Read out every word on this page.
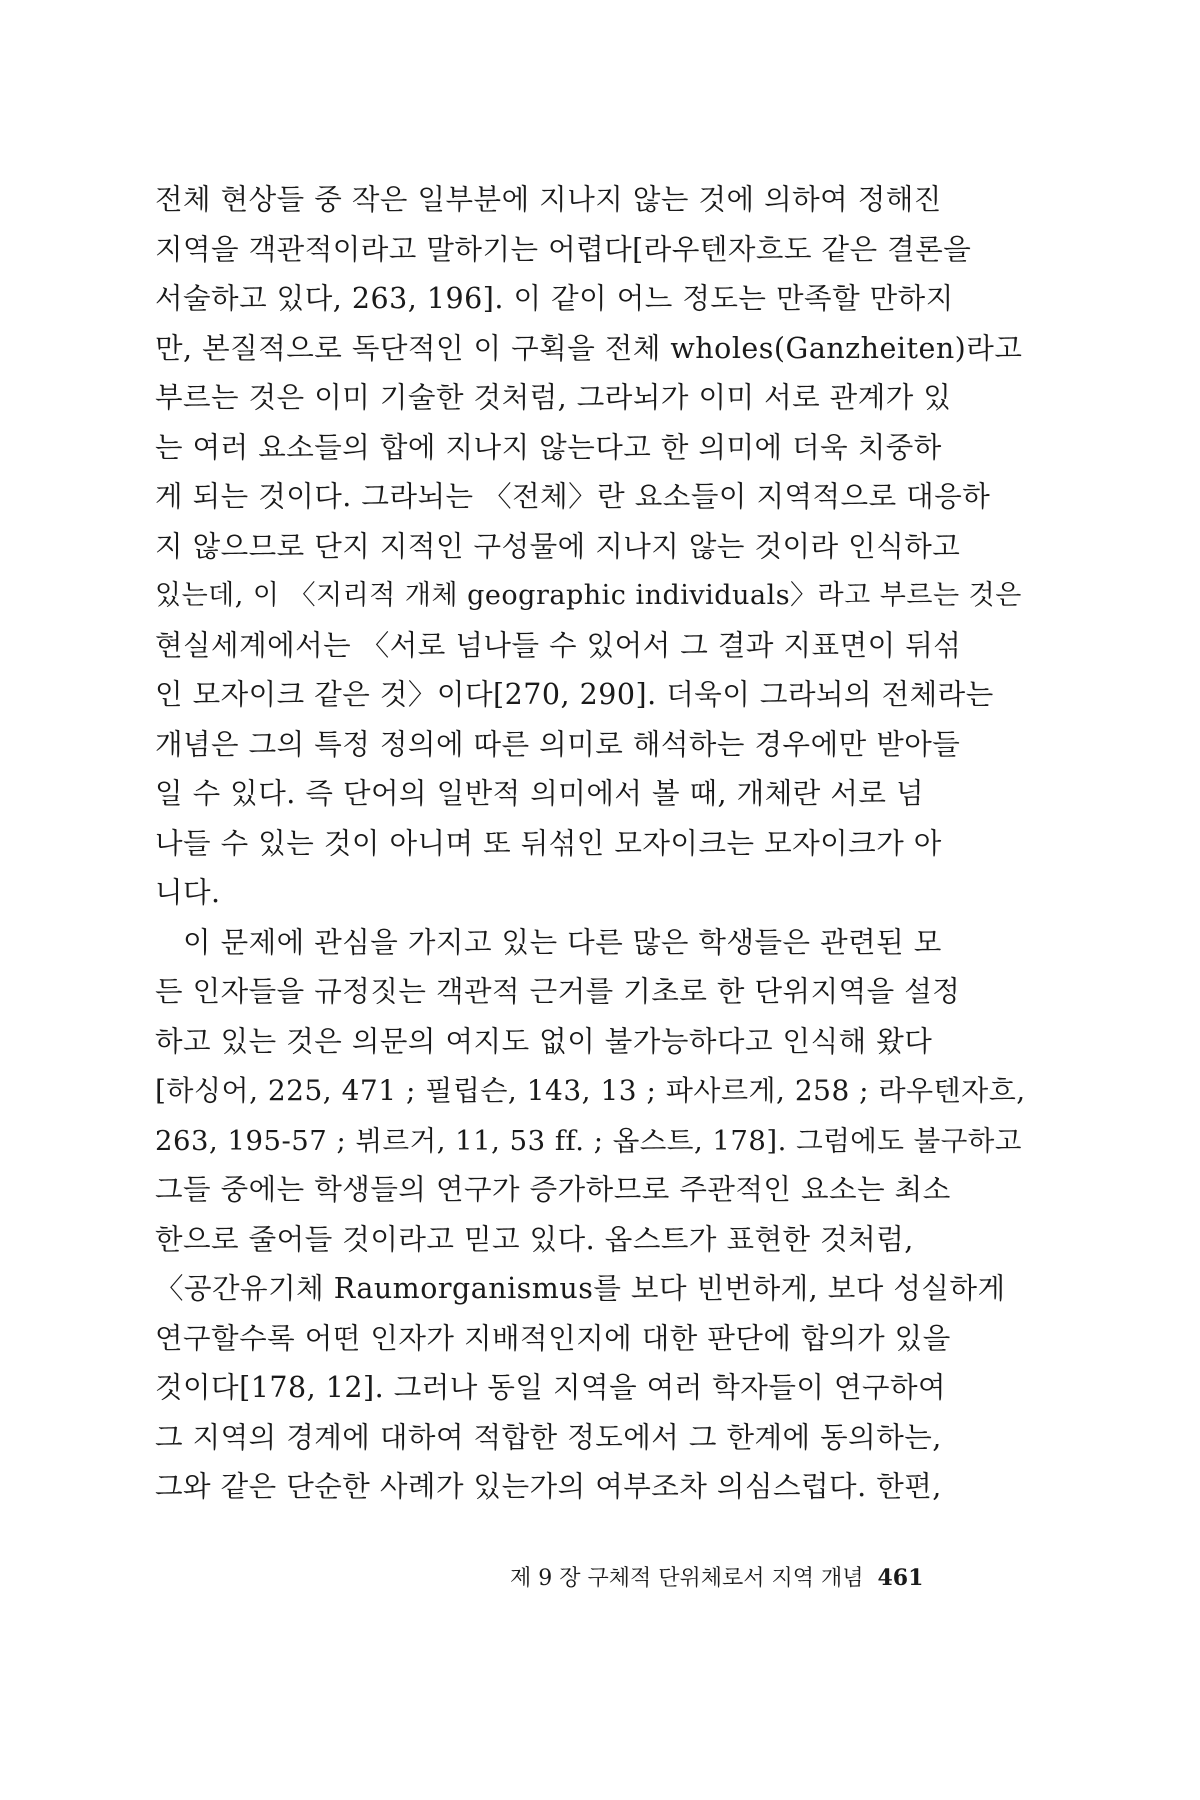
전체 현상들 중 작은 일부분에 지나지 않는 것에 의하여 정해진
지역을 객관적이라고 말하기는 어렵다[라우텐자흐도 같은 결론을
서술하고 있다, 263, 196]. 이 같이 어느 정도는 만족할 만하지
만, 본질적으로 독단적인 이 구획을 전체 wholes(Ganzheiten)라고
부르는 것은 이미 기술한 것처럼, 그라뇌가 이미 서로 관계가 있
는 여러 요소들의 합에 지나지 않는다고 한 의미에 더욱 치중하
게 되는 것이다. 그라뇌는 〈전체〉란 요소들이 지역적으로 대응하
지 않으므로 단지 지적인 구성물에 지나지 않는 것이라 인식하고
있는데, 이 〈지리적 개체 geographic individuals〉라고 부르는 것은
현실세계에서는 〈서로 넘나들 수 있어서 그 결과 지표면이 뒤섞
인 모자이크 같은 것〉이다[270, 290]. 더욱이 그라뇌의 전체라는
개념은 그의 특정 정의에 따른 의미로 해석하는 경우에만 받아들
일 수 있다. 즉 단어의 일반적 의미에서 볼 때, 개체란 서로 넘
나들 수 있는 것이 아니며 또 뒤섞인 모자이크는 모자이크가 아
니다.
이 문제에 관심을 가지고 있는 다른 많은 학생들은 관련된 모
든 인자들을 규정짓는 객관적 근거를 기초로 한 단위지역을 설정
하고 있는 것은 의문의 여지도 없이 불가능하다고 인식해 왔다
[하싱어, 225, 471 ; 필립슨, 143, 13 ; 파사르게, 258 ; 라우텐자흐,
263, 195-57 ; 뷔르거, 11, 53 ff. ; 옵스트, 178]. 그럼에도 불구하고
그들 중에는 학생들의 연구가 증가하므로 주관적인 요소는 최소
한으로 줄어들 것이라고 믿고 있다. 옵스트가 표현한 것처럼,
〈공간유기체 Raumorganismus를 보다 빈번하게, 보다 성실하게
연구할수록 어떤 인자가 지배적인지에 대한 판단에 합의가 있을
것이다[178, 12]. 그러나 동일 지역을 여러 학자들이 연구하여
그 지역의 경계에 대하여 적합한 정도에서 그 한계에 동의하는,
그와 같은 단순한 사례가 있는가의 여부조차 의심스럽다. 한편,
제 9 장 구체적 단위체로서 지역 개념 461
